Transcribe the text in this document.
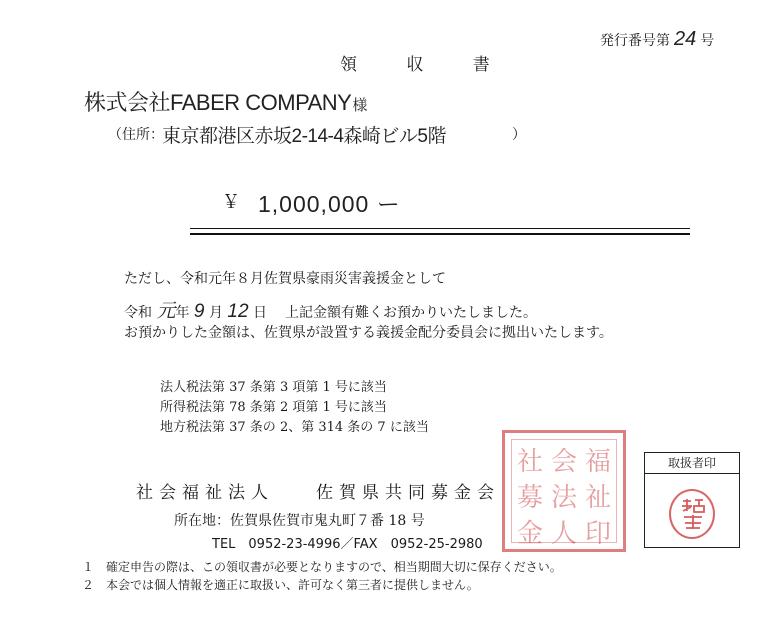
発行番号第 24 号
領 収 書
株式会社FABER COMPANY様
（住所：
東京都港区赤坂2-14-4森崎ビル5階	）
￥ 1,000,000 ー
ただし、令和元年８月佐賀県豪雨災害義援金として
令和 元年 9 月 12 日 上記金額有難くお預かりいたしました。
お預かりした金額は、佐賀県が設置する義援金配分委員会に拠出いたします。
法人税法第 37 条第 3 項第 1 号に該当
所得税法第 78 条第 2 項第 1 号に該当
地方税法第 37 条の 2、第 314 条の 7 に該当
社 会 福
募 法 祉
金 人 印
社会福祉法人 佐賀県共同募金会
所在地：佐賀県佐賀市鬼丸町７番 18 号
TEL　0952-23-4996／FAX　0952-25-2980
１　確定申告の際は、この領収書が必要となりますので、相当期間大切に保存ください。
２　本会では個人情報を適正に取扱い、許可なく第三者に提供しません。
取扱者印
